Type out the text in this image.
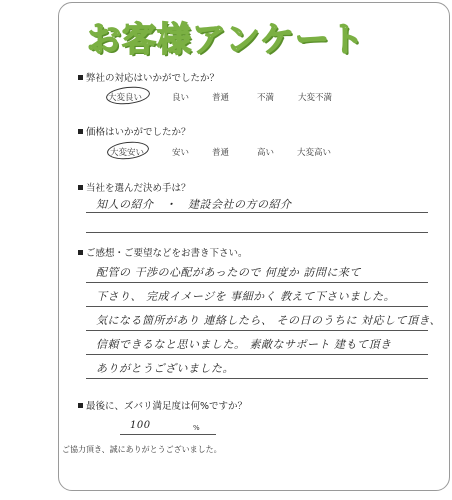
お客様アンケート
弊社の対応はいかがでしたか？
大変良い	良い	普通	不満	大変不満
価格はいかがでしたか？
大変安い	安い	普通	高い	大変高い
当社を選んだ決め手は？
知人の紹介　・　建設会社の方の紹介
ご感想・ご要望などをお書き下さい。
配管の 干渉の心配があったので 何度か 訪問に来て
下さり、 完成イメージを 事細かく 教えて下さいました。
気になる箇所があり 連絡したら、 その日のうちに 対応して頂き、
信頼できるなと思いました。 素敵なサポート 建もて頂き
ありがとうございました。
最後に、ズバリ満足度は何%ですか？
100	%
ご協力頂き、誠にありがとうございました。
